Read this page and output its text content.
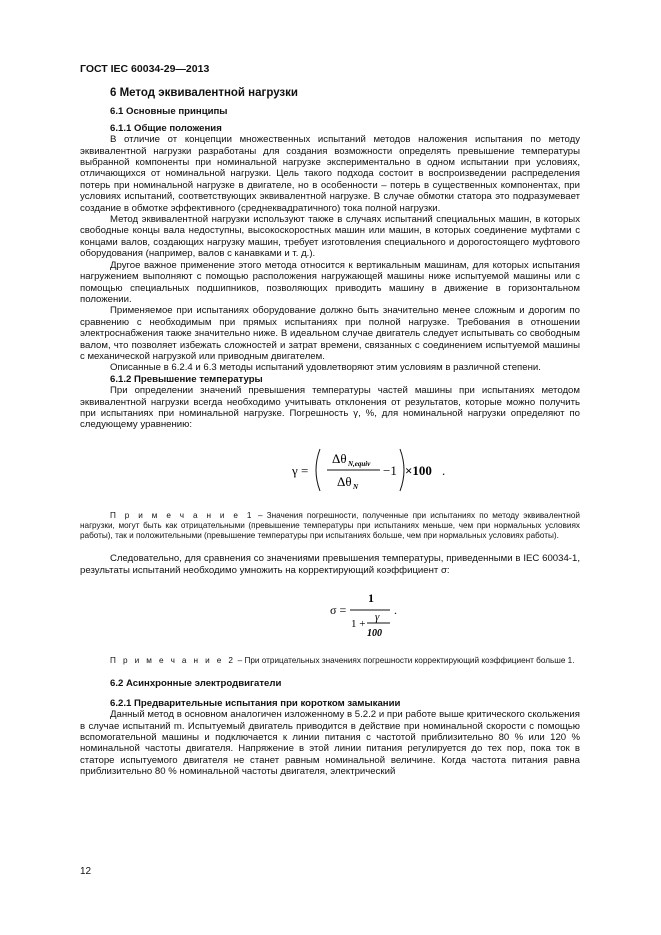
ГОСТ IEC 60034-29—2013
6 Метод эквивалентной нагрузки
6.1 Основные принципы
6.1.1 Общие положения

В отличие от концепции множественных испытаний методов наложения испытания по методу эквивалентной нагрузки разработаны для создания возможности определять превышение температуры выбранной компоненты при номинальной нагрузке экспериментально в одном испытании при условиях, отличающихся от номинальной нагрузки. Цель такого подхода состоит в воспроизведении распределения потерь при номинальной нагрузке в двигателе, но в особенности – потерь в существенных компонентах, при условиях испытаний, соответствующих эквивалентной нагрузке. В случае обмотки статора это подразумевает создание в обмотке эффективного (среднеквадратичного) тока полной нагрузки.

Метод эквивалентной нагрузки используют также в случаях испытаний специальных машин, в которых свободные концы вала недоступны, высокоскоростных машин или машин, в которых соединение муфтами с концами валов, создающих нагрузку машин, требует изготовления специального и дорогостоящего муфтового оборудования (например, валов с канавками и т. д.).

Другое важное применение этого метода относится к вертикальным машинам, для которых испытания нагружением выполняют с помощью расположения нагружающей машины ниже испытуемой машины или с помощью специальных подшипников, позволяющих приводить машину в движение в горизонтальном положении.

Применяемое при испытаниях оборудование должно быть значительно менее сложным и дорогим по сравнению с необходимым при прямых испытаниях при полной нагрузке. Требования в отношении электроснабжения также значительно ниже. В идеальном случае двигатель следует испытывать со свободным валом, что позволяет избежать сложностей и затрат времени, связанных с соединением испытуемой машины с механической нагрузкой или приводным двигателем.

Описанные в 6.2.4 и 6.3 методы испытаний удовлетворяют этим условиям в различной степени.

6.1.2 Превышение температуры

При определении значений превышения температуры частей машины при испытаниях методом эквивалентной нагрузки всегда необходимо учитывать отклонения от результатов, которые можно получить при испытаниях при номинальной нагрузке. Погрешность γ, %, для номинальной нагрузки определяют по следующему уравнению:

γ =
Δθ N,equiv
Δθ N
−1 ×100 .

П р и м е ч а н и е 1 – Значения погрешности, полученные при испытаниях по методу эквивалентной нагрузки, могут быть как отрицательными (превышение температуры при испытаниях меньше, чем при нормальных условиях работы), так и положительными (превышение температуры при испытаниях больше, чем при нормальных условиях работы).

Следовательно, для сравнения со значениями превышения температуры, приведенными в IEC 60034-1, результаты испытаний необходимо умножить на корректирующий коэффициент σ:

σ =
1
1 +
γ
100
.

П р и м е ч а н и е 2 – При отрицательных значениях погрешности корректирующий коэффициент больше 1.

6.2 Асинхронные электродвигатели
6.2.1 Предварительные испытания при коротком замыкании

Данный метод в основном аналогичен изложенному в 5.2.2 и при работе выше критического скольжения в случае испытаний m. Испытуемый двигатель приводится в действие при номинальной скорости с помощью вспомогательной машины и подключается к линии питания с частотой приблизительно 80 % или 120 % номинальной частоты двигателя. Напряжение в этой линии питания регулируется до тех пор, пока ток в статоре испытуемого двигателя не станет равным номинальной величине. Когда частота питания равна приблизительно 80 % номинальной частоты двигателя, электрический

12
